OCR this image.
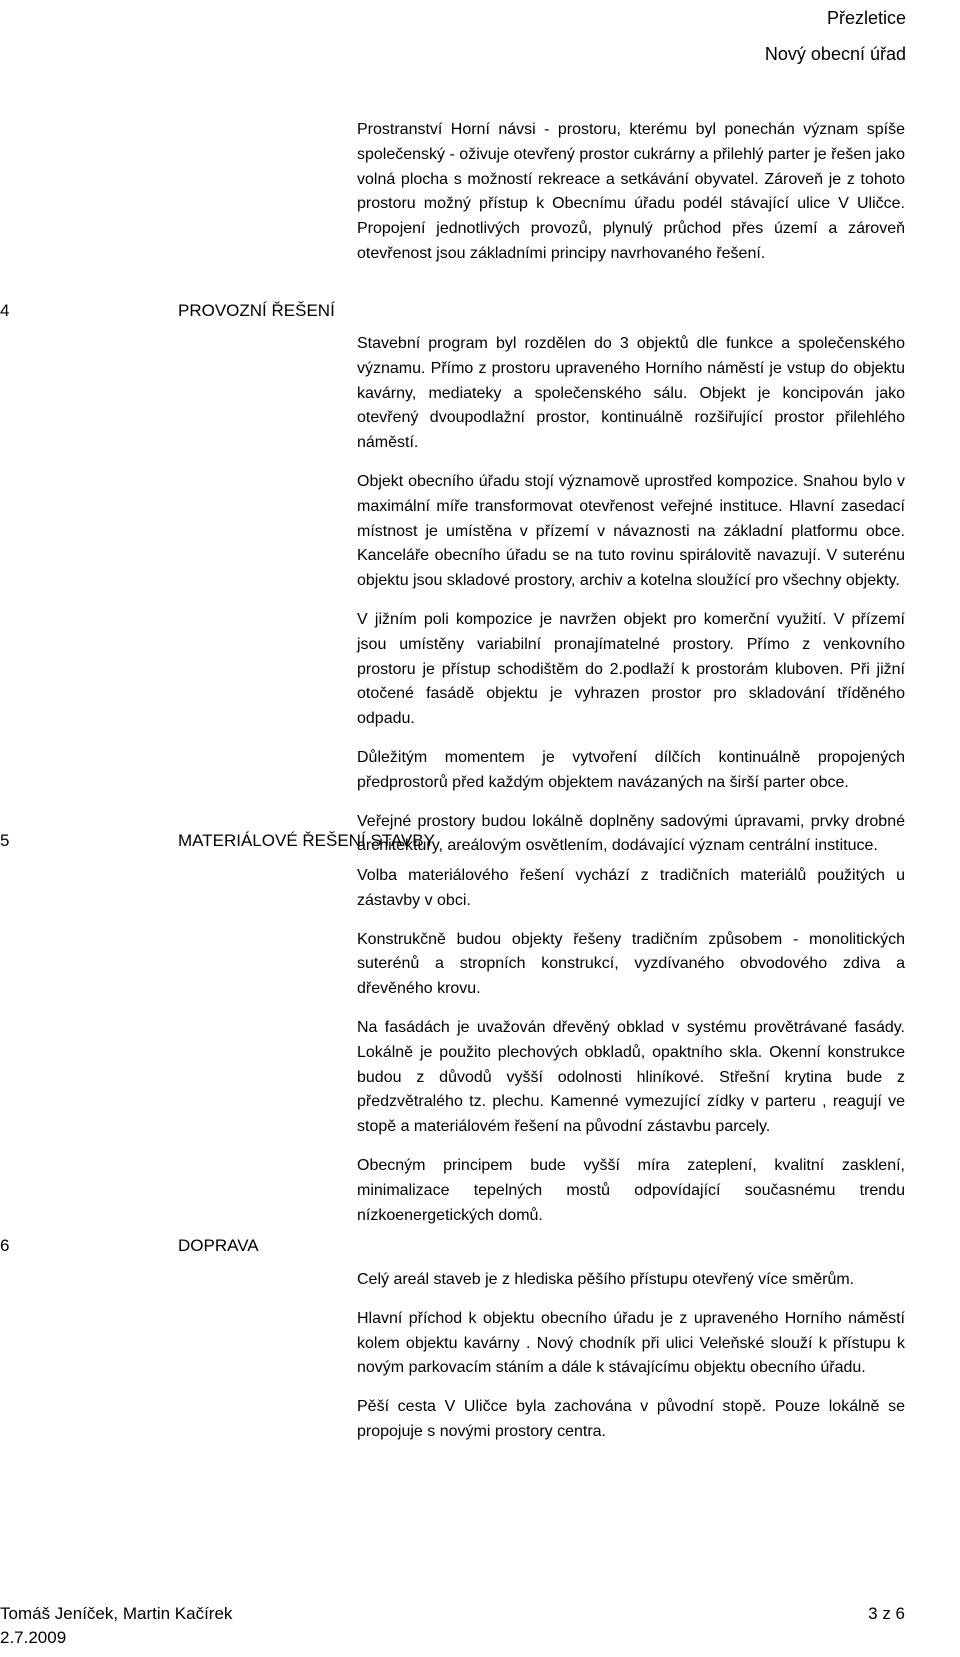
Přezletice
Nový obecní úřad

Prostranství Horní návsi - prostoru, kterému byl ponechán význam spíše společenský - oživuje otevřený prostor cukrárny a přilehlý parter je řešen jako volná plocha s možností rekreace a setkávání obyvatel. Zároveň je z tohoto prostoru možný přístup k Obecnímu úřadu podél stávající ulice V Uličce. Propojení jednotlivých provozů, plynulý průchod přes území a zároveň otevřenost jsou základními principy navrhovaného řešení.

4	PROVOZNÍ ŘEŠENÍ

Stavební program byl rozdělen do 3 objektů dle funkce a společenského významu. Přímo z prostoru upraveného Horního náměstí je vstup do objektu kavárny, mediateky a společenského sálu. Objekt je koncipován jako otevřený dvoupodlažní prostor, kontinuálně rozšiřující prostor přilehlého náměstí.

Objekt obecního úřadu stojí významově uprostřed kompozice. Snahou bylo v maximální míře transformovat otevřenost veřejné instituce. Hlavní zasedací místnost je umístěna v přízemí v návaznosti na základní platformu obce. Kanceláře obecního úřadu se na tuto rovinu spirálovitě navazují. V suterénu objektu jsou skladové prostory, archiv a kotelna sloužící pro všechny objekty.

V jižním poli kompozice je navržen objekt pro komerční využití. V přízemí jsou umístěny variabilní pronajímatelné prostory. Přímo z venkovního prostoru je přístup schodištěm do 2.podlaží k prostorám kluboven. Při jižní otočené fasádě objektu je vyhrazen prostor pro skladování tříděného odpadu.

Důležitým momentem je vytvoření dílčích kontinuálně propojených předprostorů před každým objektem navázaných na širší parter obce.

Veřejné prostory budou lokálně doplněny sadovými úpravami, prvky drobné architektury, areálovým osvětlením, dodávající význam centrální instituce.

5	MATERIÁLOVÉ ŘEŠENÍ STAVBY

Volba materiálového řešení vychází z tradičních materiálů použitých u zástavby v obci.

Konstrukčně budou objekty řešeny tradičním způsobem - monolitických suterénů a stropních konstrukcí, vyzdívaného obvodového zdiva a dřevěného krovu.

Na fasádách je uvažován dřevěný obklad v systému provětrávané fasády. Lokálně je použito plechových obkladů, opaktního skla. Okenní konstrukce budou z důvodů vyšší odolnosti hliníkové. Střešní krytina bude z předzvětralého tz. plechu. Kamenné vymezující zídky v parteru , reagují ve stopě a materiálovém řešení na původní zástavbu parcely.

Obecným principem bude vyšší míra zateplení, kvalitní zasklení, minimalizace tepelných mostů odpovídající současnému trendu nízkoenergetických domů.

6	DOPRAVA

Celý areál staveb je z hlediska pěšího přístupu otevřený více směrům.

Hlavní příchod k objektu obecního úřadu je z upraveného Horního náměstí kolem objektu kavárny . Nový chodník při ulici Veleňské slouží k přístupu k novým parkovacím stáním a dále k stávajícímu objektu obecního úřadu.

Pěší cesta V Uličce byla zachována v původní stopě. Pouze lokálně se propojuje s novými prostory centra.

Tomáš Jeníček, Martin Kačírek
2.7.2009
3 z 6
